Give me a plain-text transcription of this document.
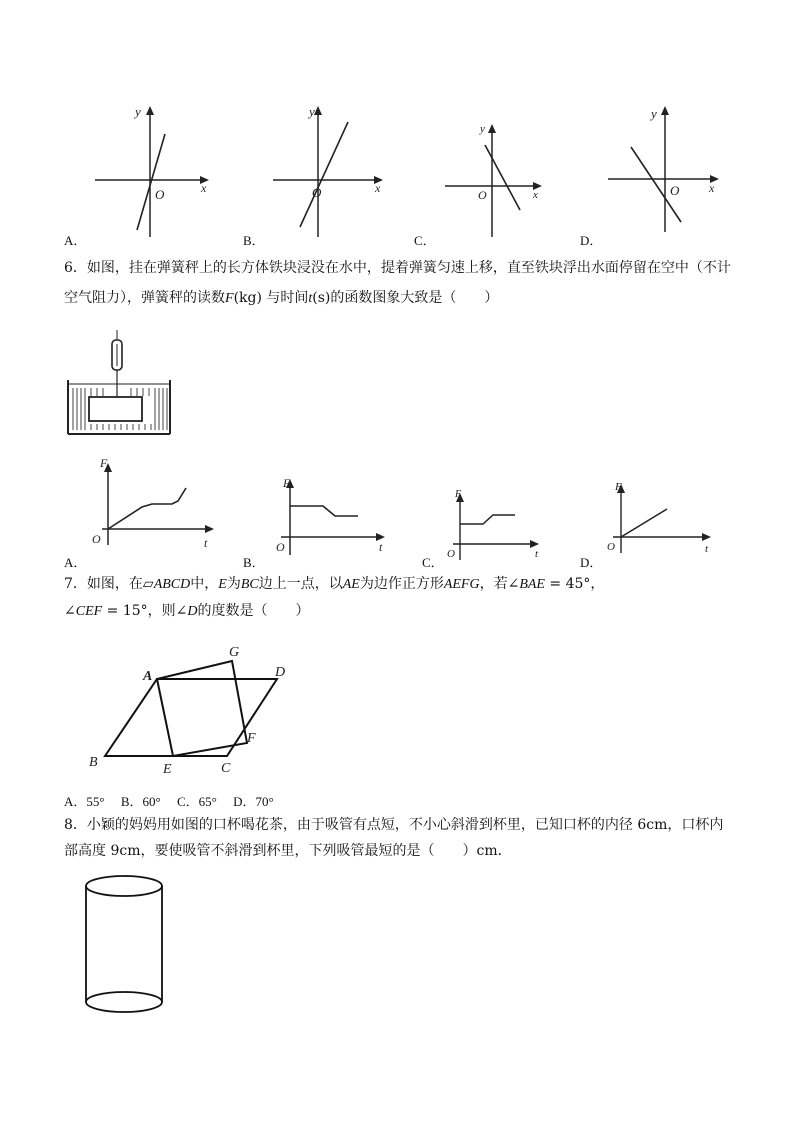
y
x
O
y
x
O
y
x
O
y
x
O
A．	B．	C．	D．
6．如图，挂在弹簧秤上的长方体铁块浸没在水中，提着弹簧匀速上移，直至铁块浮出水面停留在空中（不计
空气阻力），弹簧秤的读数F(kg) 与时间t(s)的函数图象大致是（　　）
F
t
O
F
t
O
F
t
O
F
t
O
A．	B．	C．	D．
7．如图，在▱ABCD中，E为BC边上一点，以AE为边作正方形AEFG，若∠BAE = 45°，
∠CEF = 15°，则∠D的度数是（　　）
A
G
D
F
B	E	C
A．55° B．60° C．65° D．70°
8．小颖的妈妈用如图的口杯喝花茶，由于吸管有点短，不小心斜滑到杯里，已知口杯的内径 6cm，口杯内
部高度 9cm，要使吸管不斜滑到杯里，下列吸管最短的是（　　）cm．
